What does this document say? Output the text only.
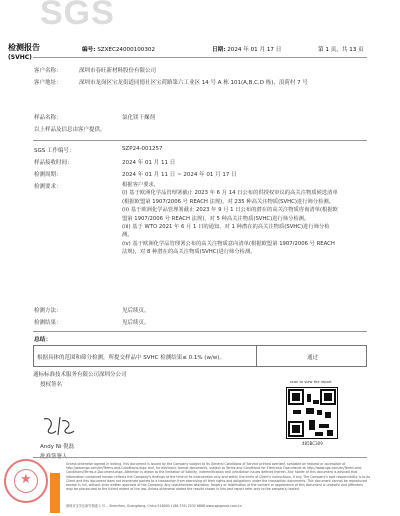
SGS
检测报告
(SVHC)
编号: SZXEC24000100302	日期: 2024 年 01 月 17 日	第 1 页，共 13 页
客户名称：	深圳市春旺新材料股份有限公司
客户地址：	深圳市龙岗区宝龙街道同德社区宝荷路第六工业区 14 号 A 栋 101(A,B,C,D 栋)、浪荷村 7 号
样品名称：	氯化镁干燥剂
以上样品及信息由客户提供。
SGS 工作编号：	SZP24-001257
样品接收时间：	2024 年 01 月 11 日
检测周期：	2024 年 01 月 11 日 ~ 2024 年 01 月 17 日
检测要求：	根据客户要求，
(i) 基于欧洲化学品管理署截止 2023 年 6 月 14 日公布的供授权审议的高关注物质候选清单(根据欧盟第 1907/2006 号 REACH 法规)，对 235 种高关注物质(SVHC)进行筛分检测。
(ii) 基于欧洲化学品管理署截止 2023 年 9 月 1 日公布的潜在的高关注物质咨询清单(根据欧盟第 1907/2006 号 REACH 法规)，对 5 种高关注物质(SVHC)进行筛分检测。
(iii) 基于 WTO 2021 年 6 月 1 日的通知，对 1 种潜在的高关注物质(SVHC)进行筛分检测。
(iv) 基于欧洲化学品管理署公布的高关注物质意向清单(根据欧盟第 1907/2006 号 REACH 法规)，对 8 种潜在的高关注物质(SVHC)进行筛分检测。
检测方法：	见后续页。
检测结果：	见后续页。
总结：
根据具体的范围和筛分检测，所提交样品中 SVHC 检测结果≤ 0.1% (w/w)。	通过
通标标准技术服务有限公司深圳分公司
授权签名
Andy Ni 倪磊
批准签署人
scan to view the report
485BC309
★
Unless otherwise agreed in writing, this document is issued by the Company subject to its General Conditions of Service printed overleaf, available on request or accessible at http://www.sgs.com/en/Terms-and-Conditions.aspx and, for electronic format documents, subject to Terms and Conditions for Electronic Documents at http://www.sgs.com/en/Terms-and-Conditions/Terms-e-Document.aspx. Attention is drawn to the limitation of liability, indemnification and jurisdiction issues defined therein. Any holder of this document is advised that information contained hereon reflects the Company's findings at the time of its intervention only and within the limits of Client's instructions, if any. The Company's sole responsibility is to its Client and this document does not exonerate parties to a transaction from exercising all their rights and obligations under the transaction documents. This document cannot be reproduced except in full, without prior written approval of the Company. Any unauthorized alteration, forgery or falsification of the content or appearance of this document is unlawful and offenders may be prosecuted to the fullest extent of the law. Unless otherwise stated the results shown in this test report refer only to the sample(s) tested.
深圳市宝安区新安街道 1 号... Shenzhen, Guangdong, China 518000 t (86-755) 2532 8888 www.sgsgroup.com.cn
